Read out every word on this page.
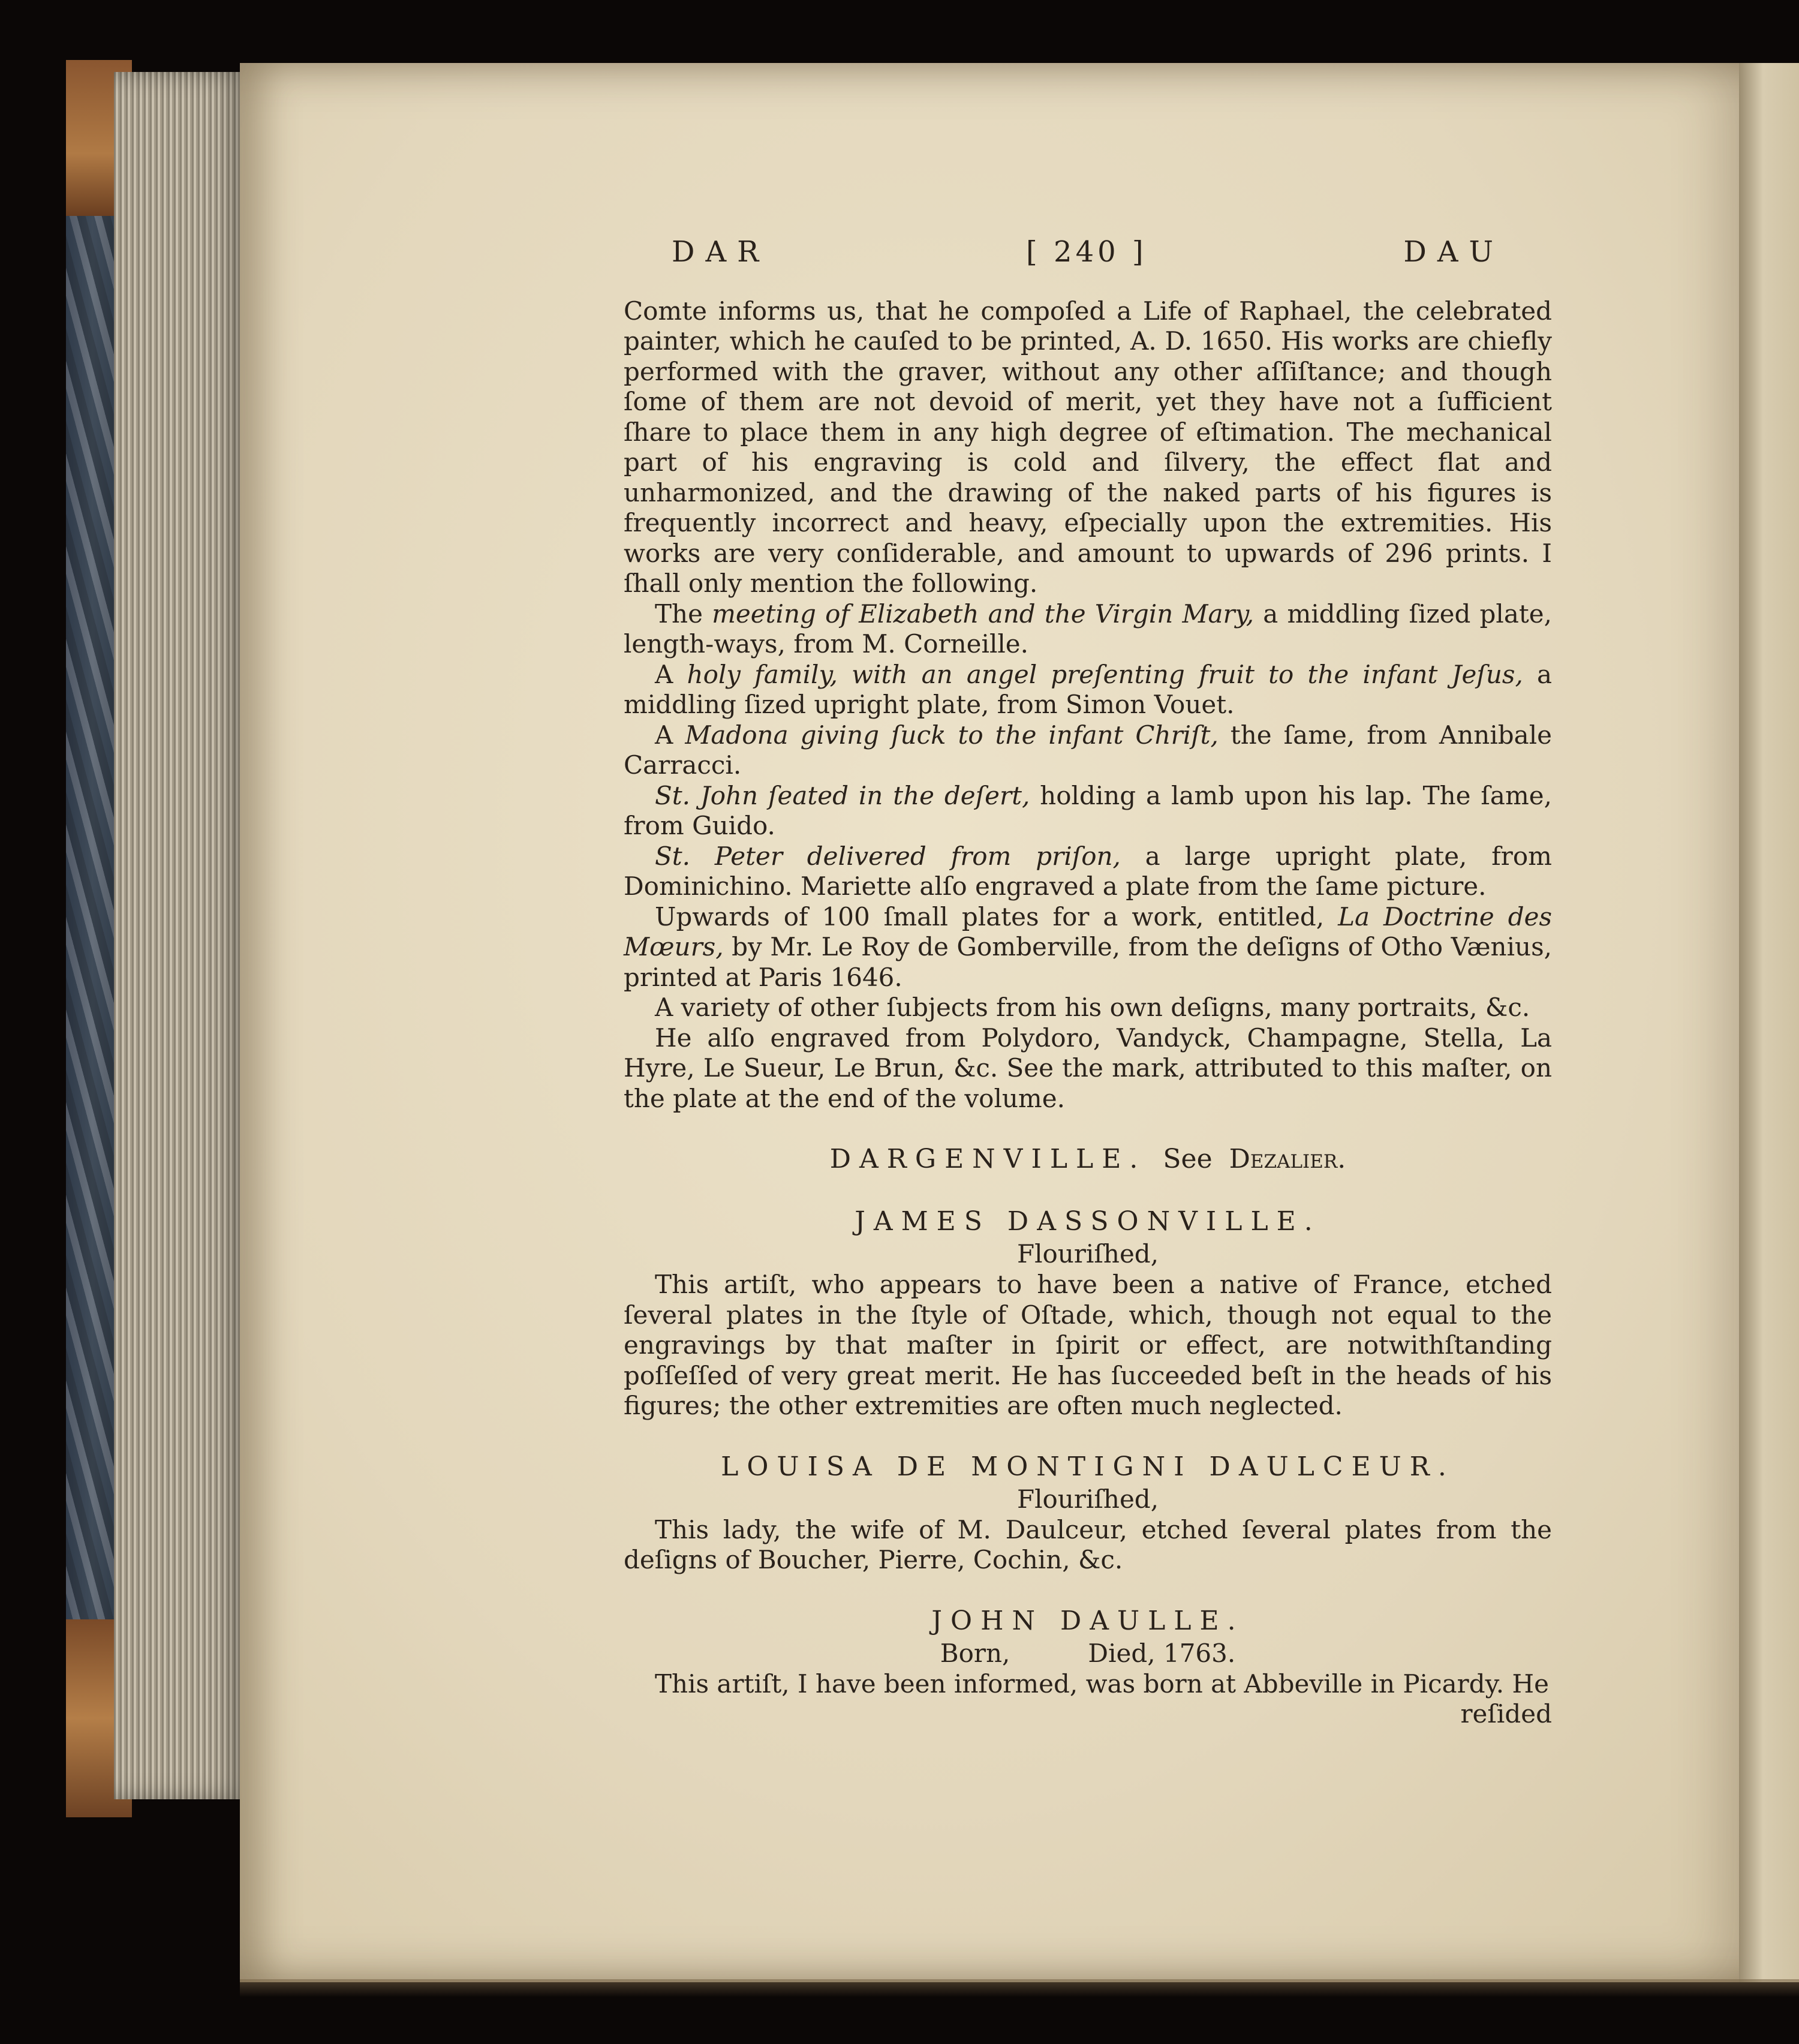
DAR	[ 240 ]	DAU

Comte informs us, that he compoſed a Life of Raphael, the celebrated painter, which he cauſed to be printed, A. D. 1650. His works are chiefly performed with the graver, without any other aſſiſtance; and though ſome of them are not devoid of merit, yet they have not a ſufficient ſhare to place them in any high degree of eſtimation. The mechanical part of his engraving is cold and ſilvery, the effect flat and unharmonized, and the drawing of the naked parts of his figures is frequently incorrect and heavy, eſpecially upon the extremities. His works are very conſiderable, and amount to upwards of 296 prints. I ſhall only mention the following.

The meeting of Elizabeth and the Virgin Mary, a middling ſized plate, length-ways, from M. Corneille.

A holy family, with an angel preſenting fruit to the infant Jeſus, a middling ſized upright plate, from Simon Vouet.

A Madona giving ſuck to the infant Chriſt, the ſame, from Annibale Carracci.

St. John ſeated in the deſert, holding a lamb upon his lap. The ſame, from Guido.

St. Peter delivered from priſon, a large upright plate, from Dominichino. Mariette alſo engraved a plate from the ſame picture.

Upwards of 100 ſmall plates for a work, entitled, La Doctrine des Mœurs, by Mr. Le Roy de Gomberville, from the deſigns of Otho Vænius, printed at Paris 1646.

A variety of other ſubjects from his own deſigns, many portraits, &c.

He alſo engraved from Polydoro, Vandyck, Champagne, Stella, La Hyre, Le Sueur, Le Brun, &c. See the mark, attributed to this maſter, on the plate at the end of the volume.

DARGENVILLE. See Dezalier.
JAMES DASSONVILLE.
Flouriſhed,

This artiſt, who appears to have been a native of France, etched ſeveral plates in the ſtyle of Oſtade, which, though not equal to the engravings by that maſter in ſpirit or effect, are notwithſtanding poſſeſſed of very great merit. He has ſucceeded beſt in the heads of his figures; the other extremities are often much neglected.

LOUISA DE MONTIGNI DAULCEUR.
Flouriſhed,

This lady, the wife of M. Daulceur, etched ſeveral plates from the deſigns of Boucher, Pierre, Cochin, &c.

JOHN DAULLE.
Born,	Died, 1763.

This artiſt, I have been informed, was born at Abbeville in Picardy. He

reſided
